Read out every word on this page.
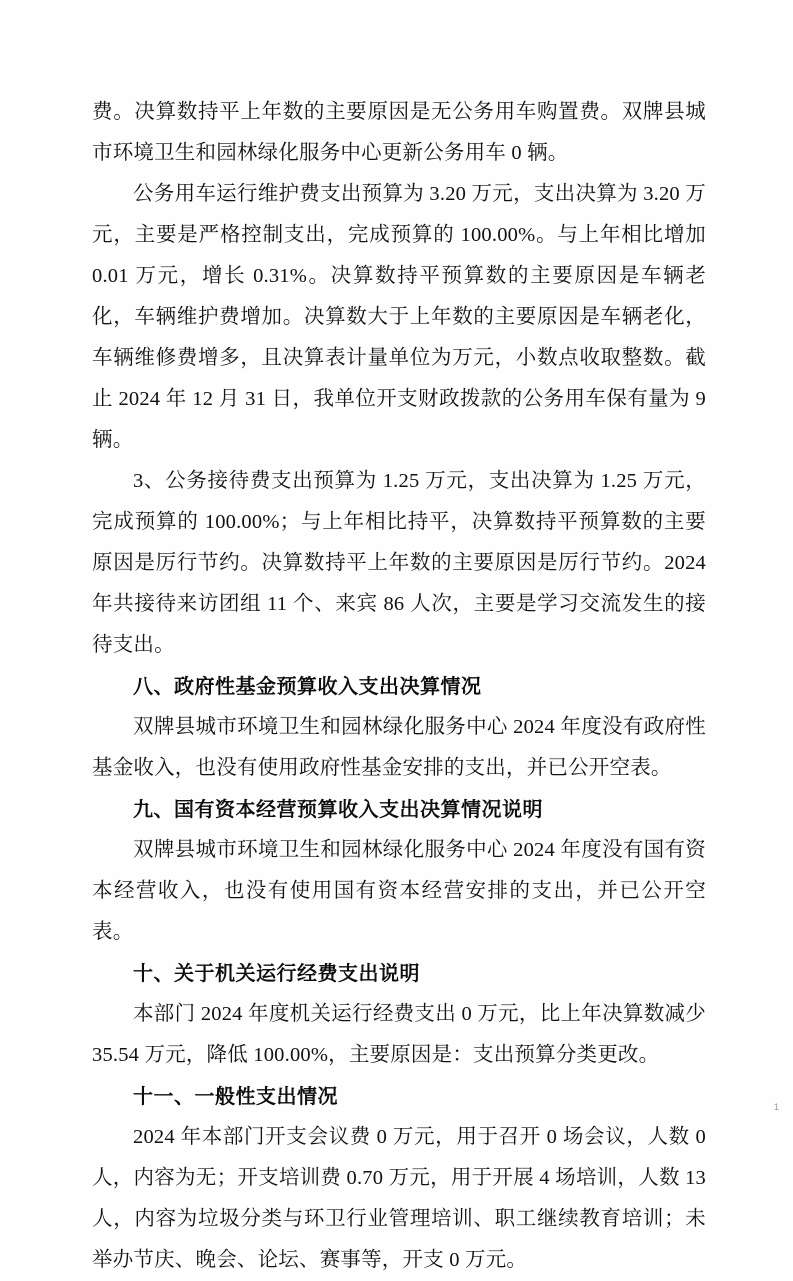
费。决算数持平上年数的主要原因是无公务用车购置费。双牌县城市环境卫生和园林绿化服务中心更新公务用车 0 辆。

公务用车运行维护费支出预算为 3.20 万元，支出决算为 3.20 万元，主要是严格控制支出，完成预算的 100.00%。与上年相比增加 0.01 万元，增长 0.31%。决算数持平预算数的主要原因是车辆老化，车辆维护费增加。决算数大于上年数的主要原因是车辆老化，车辆维修费增多，且决算表计量单位为万元，小数点收取整数。截止 2024 年 12 月 31 日，我单位开支财政拨款的公务用车保有量为 9 辆。

3、公务接待费支出预算为 1.25 万元，支出决算为 1.25 万元，完成预算的 100.00%；与上年相比持平，决算数持平预算数的主要原因是厉行节约。决算数持平上年数的主要原因是厉行节约。2024 年共接待来访团组 11 个、来宾 86 人次，主要是学习交流发生的接待支出。

八、政府性基金预算收入支出决算情况

双牌县城市环境卫生和园林绿化服务中心 2024 年度没有政府性基金收入，也没有使用政府性基金安排的支出，并已公开空表。

九、国有资本经营预算收入支出决算情况说明

双牌县城市环境卫生和园林绿化服务中心 2024 年度没有国有资本经营收入，也没有使用国有资本经营安排的支出，并已公开空表。

十、关于机关运行经费支出说明

本部门 2024 年度机关运行经费支出 0 万元，比上年决算数减少 35.54 万元，降低 100.00%，主要原因是：支出预算分类更改。

十一、一般性支出情况

2024 年本部门开支会议费 0 万元，用于召开 0 场会议，人数 0 人，内容为无；开支培训费 0.70 万元，用于开展 4 场培训，人数 13 人，内容为垃圾分类与环卫行业管理培训、职工继续教育培训；未举办节庆、晚会、论坛、赛事等，开支 0 万元。

1
